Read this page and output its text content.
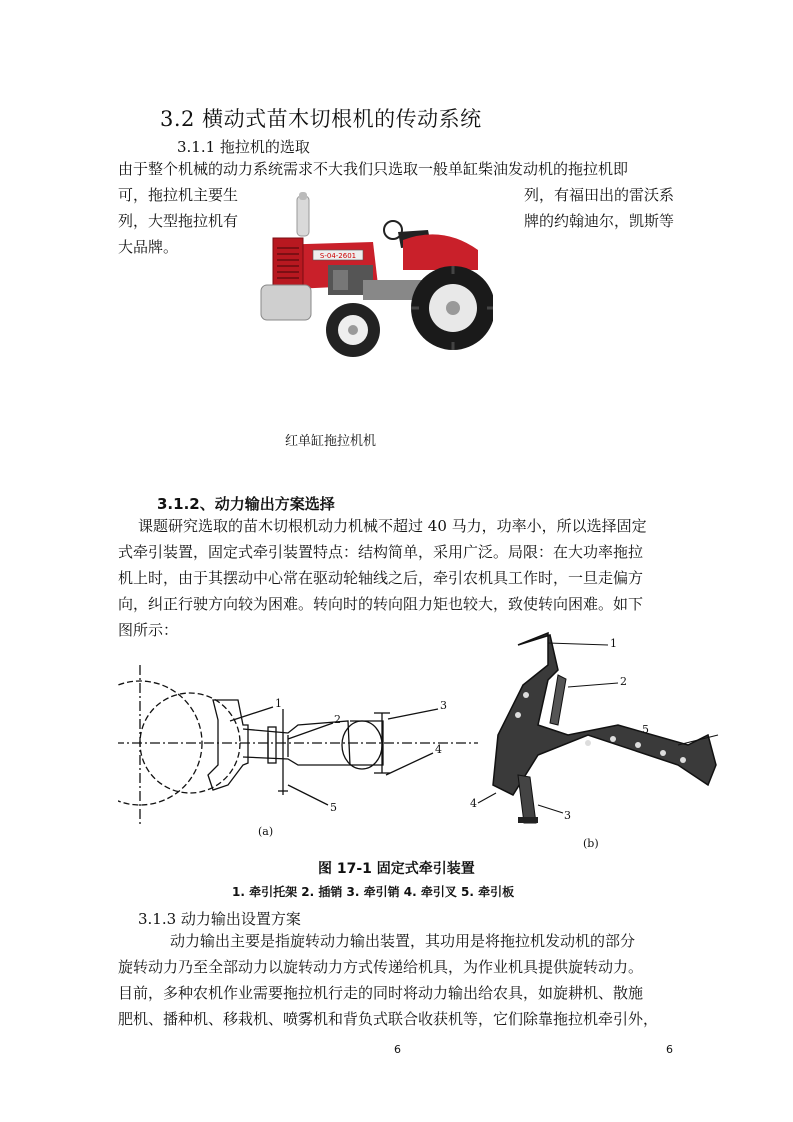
3.2 横动式苗木切根机的传动系统
3.1.1 拖拉机的选取
由于整个机械的动力系统需求不大我们只选取一般单缸柴油发动机的拖拉机即
可，拖拉机主要生	列，有福田出的雷沃系
列，大型拖拉机有	牌的约翰迪尔，凯斯等
大品牌。	S-04-2601
红单缸拖拉机机
3.1.2、动力输出方案选择
课题研究选取的苗木切根机动力机械不超过 40 马力，功率小，所以选择固定
式牵引装置，固定式牵引装置特点：结构简单，采用广泛。局限：在大功率拖拉
机上时，由于其摆动中心常在驱动轮轴线之后，牵引农机具工作时，一旦走偏方
向，纠正行驶方向较为困难。转向时的转向阻力矩也较大，致使转向困难。如下
图所示：
1
2
3
4
5
(a)
1
2
3
4
5
(b)
图 17-1 固定式牵引装置
1. 牵引托架 2. 插销 3. 牵引销 4. 牵引叉 5. 牵引板
3.1.3 动力输出设置方案
动力输出主要是指旋转动力输出装置，其功用是将拖拉机发动机的部分
旋转动力乃至全部动力以旋转动力方式传递给机具，为作业机具提供旋转动力。
目前，多种农机作业需要拖拉机行走的同时将动力输出给农具，如旋耕机、散施
肥机、播种机、移栽机、喷雾机和背负式联合收获机等，它们除靠拖拉机牵引外，
6	6
